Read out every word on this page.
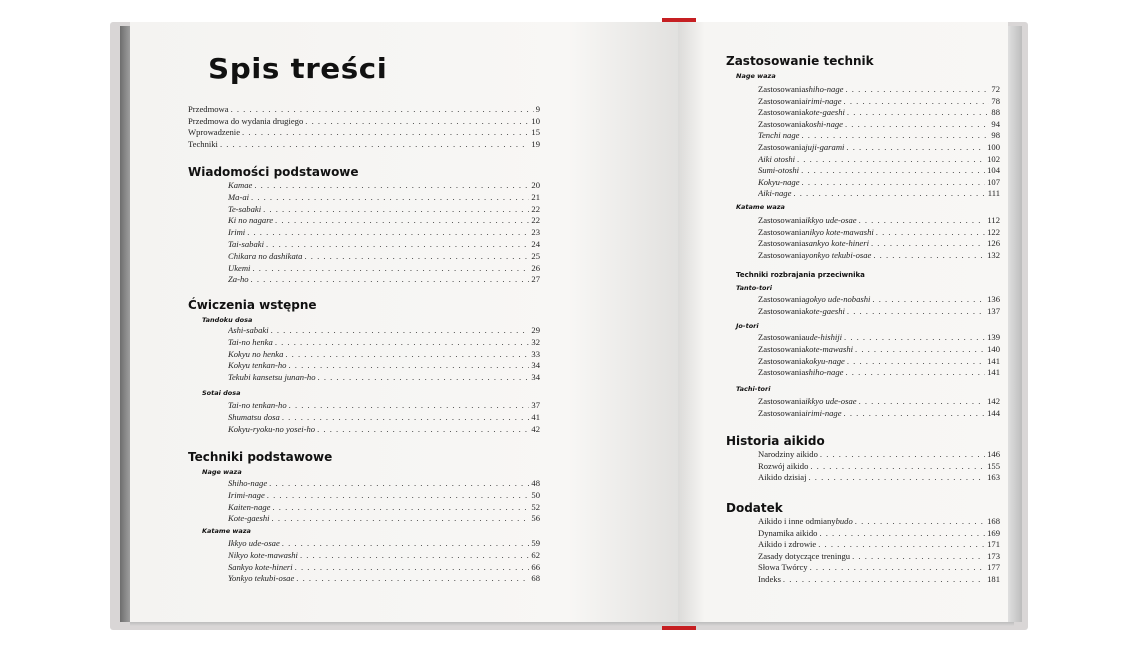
Spis treści
Przedmowa . . .	9
Przedmowa do wydania drugiego . . .	10
Wprowadzenie . . .	15
Techniki . . .	19
Wiadomości podstawowe
Kamae . . .	20
Ma-ai . . .	21
Te-sabaki . . .	22
Ki no nagare . . .	22
Irimi . . .	23
Tai-sabaki . . .	24
Chikara no dashikata . . .	25
Ukemi . . .	26
Za-ho . . .	27
Ćwiczenia wstępne
Tandoku dosa
Ashi-sabaki . . .	29
Tai-no henka . . .	32
Kokyu no henka . . .	33
Kokyu tenkan-ho . . .	34
Tekubi kansetsu junan-ho . . .	34
Sotai dosa
Tai-no tenkan-ho . . .	37
Shumatsu dosa . . .	41
Kokyu-ryoku-no yosei-ho . . .	42
Techniki podstawowe
Nage waza
Shiho-nage . . .	48
Irimi-nage . . .	50
Kaiten-nage . . .	52
Kote-gaeshi . . .	56
Katame waza
Ikkyo ude-osae . . .	59
Nikyo kote-mawashi . . .	62
Sankyo kote-hineri . . .	66
Yonkyo tekubi-osae . . .	68
Zastosowanie technik
Nage waza
Zastosowania shiho-nage . . .	72
Zastosowania irimi-nage . . .	78
Zastosowania kote-gaeshi . . .	88
Zastosowania koshi-nage . . .	94
Tenchi nage . . .	98
Zastosowania juji-garami . . .	100
Aiki otoshi . . .	102
Sumi-otoshi . . .	104
Kokyu-nage . . .	107
Aiki-nage . . .	111
Katame waza
Zastosowania ikkyo ude-osae . . .	112
Zastosowania nikyo kote-mawashi . . .	122
Zastosowania sankyo kote-hineri . . .	126
Zastosowania yonkyo tekubi-osae . . .	132
Techniki rozbrajania przeciwnika
Tanto-tori
Zastosowania gokyo ude-nobashi . . .	136
Zastosowania kote-gaeshi . . .	137
Jo-tori
Zastosowania ude-hishiji . . .	139
Zastosowania kote-mawashi . . .	140
Zastosowania kokyu-nage . . .	141
Zastosowania shiho-nage . . .	141
Tachi-tori
Zastosowania ikkyo ude-osae . . .	142
Zastosowania irimi-nage . . .	144
Historia aikido
Narodziny aikido . . .	146
Rozwój aikido . . .	155
Aikido dzisiaj . . .	163
Dodatek
Aikido i inne odmiany budo . . .	168
Dynamika aikido . . .	169
Aikido i zdrowie . . .	171
Zasady dotyczące treningu . . .	173
Słowa Twórcy . . .	177
Indeks . . .	181
